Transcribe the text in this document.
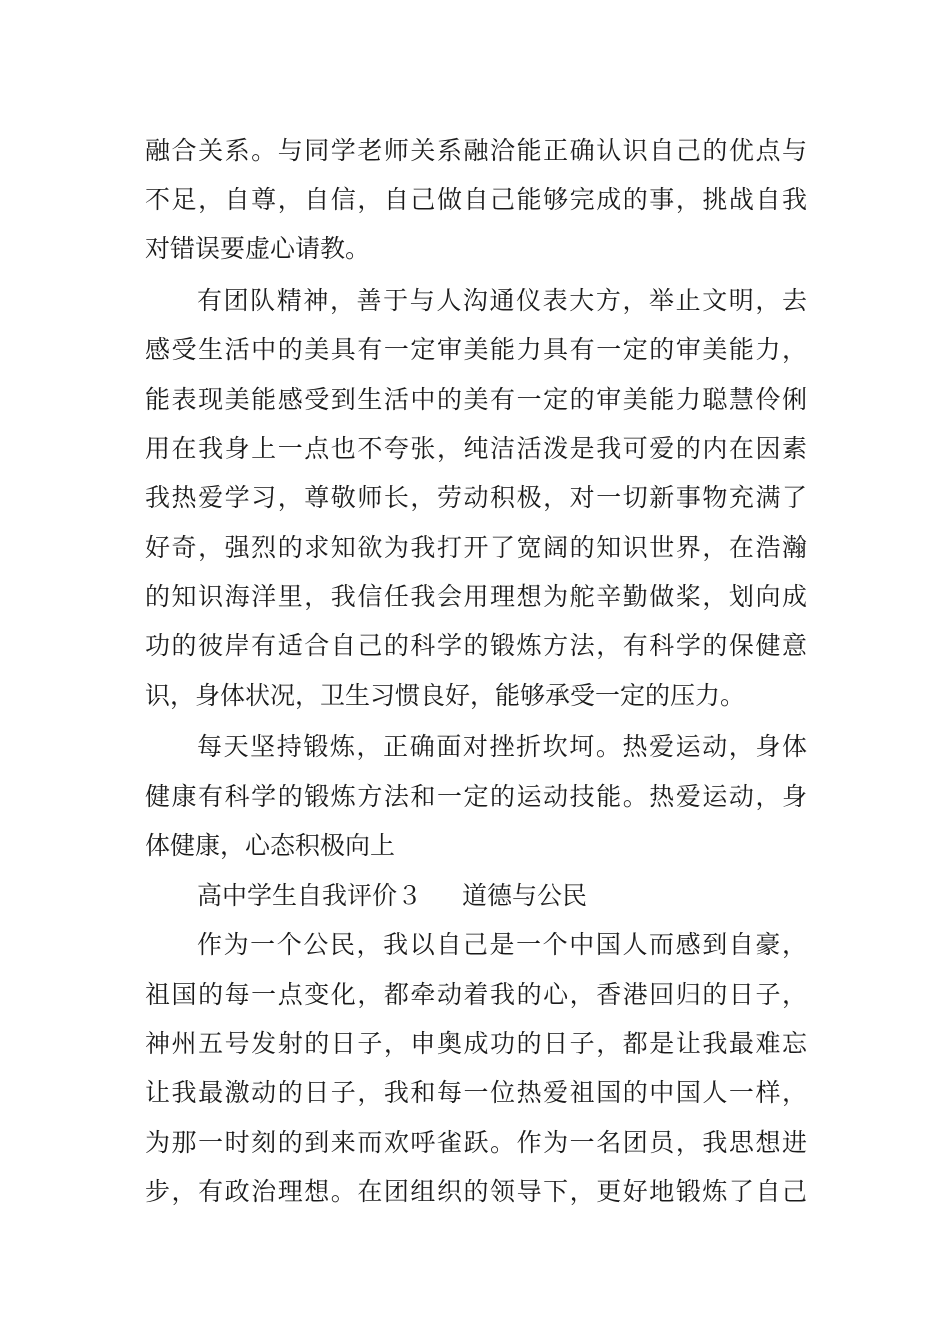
融合关系。与同学老师关系融洽能正确认识自己的优点与
不足，自尊，自信，自己做自己能够完成的事，挑战自我
对错误要虚心请教。
有团队精神，善于与人沟通仪表大方，举止文明，去
感受生活中的美具有一定审美能力具有一定的审美能力，
能表现美能感受到生活中的美有一定的审美能力聪慧伶俐
用在我身上一点也不夸张，纯洁活泼是我可爱的内在因素
我热爱学习，尊敬师长，劳动积极，对一切新事物充满了
好奇，强烈的求知欲为我打开了宽阔的知识世界，在浩瀚
的知识海洋里，我信任我会用理想为舵辛勤做桨，划向成
功的彼岸有适合自己的科学的锻炼方法，有科学的保健意
识，身体状况，卫生习惯良好，能够承受一定的压力。
每天坚持锻炼，正确面对挫折坎坷。热爱运动，身体
健康有科学的锻炼方法和一定的运动技能。热爱运动，身
体健康，心态积极向上
高中学生自我评价３ 道德与公民
作为一个公民，我以自己是一个中国人而感到自豪，
祖国的每一点变化，都牵动着我的心，香港回归的日子，
神州五号发射的日子，申奥成功的日子，都是让我最难忘
让我最激动的日子，我和每一位热爱祖国的中国人一样，
为那一时刻的到来而欢呼雀跃。作为一名团员，我思想进
步，有政治理想。在团组织的领导下，更好地锻炼了自己
